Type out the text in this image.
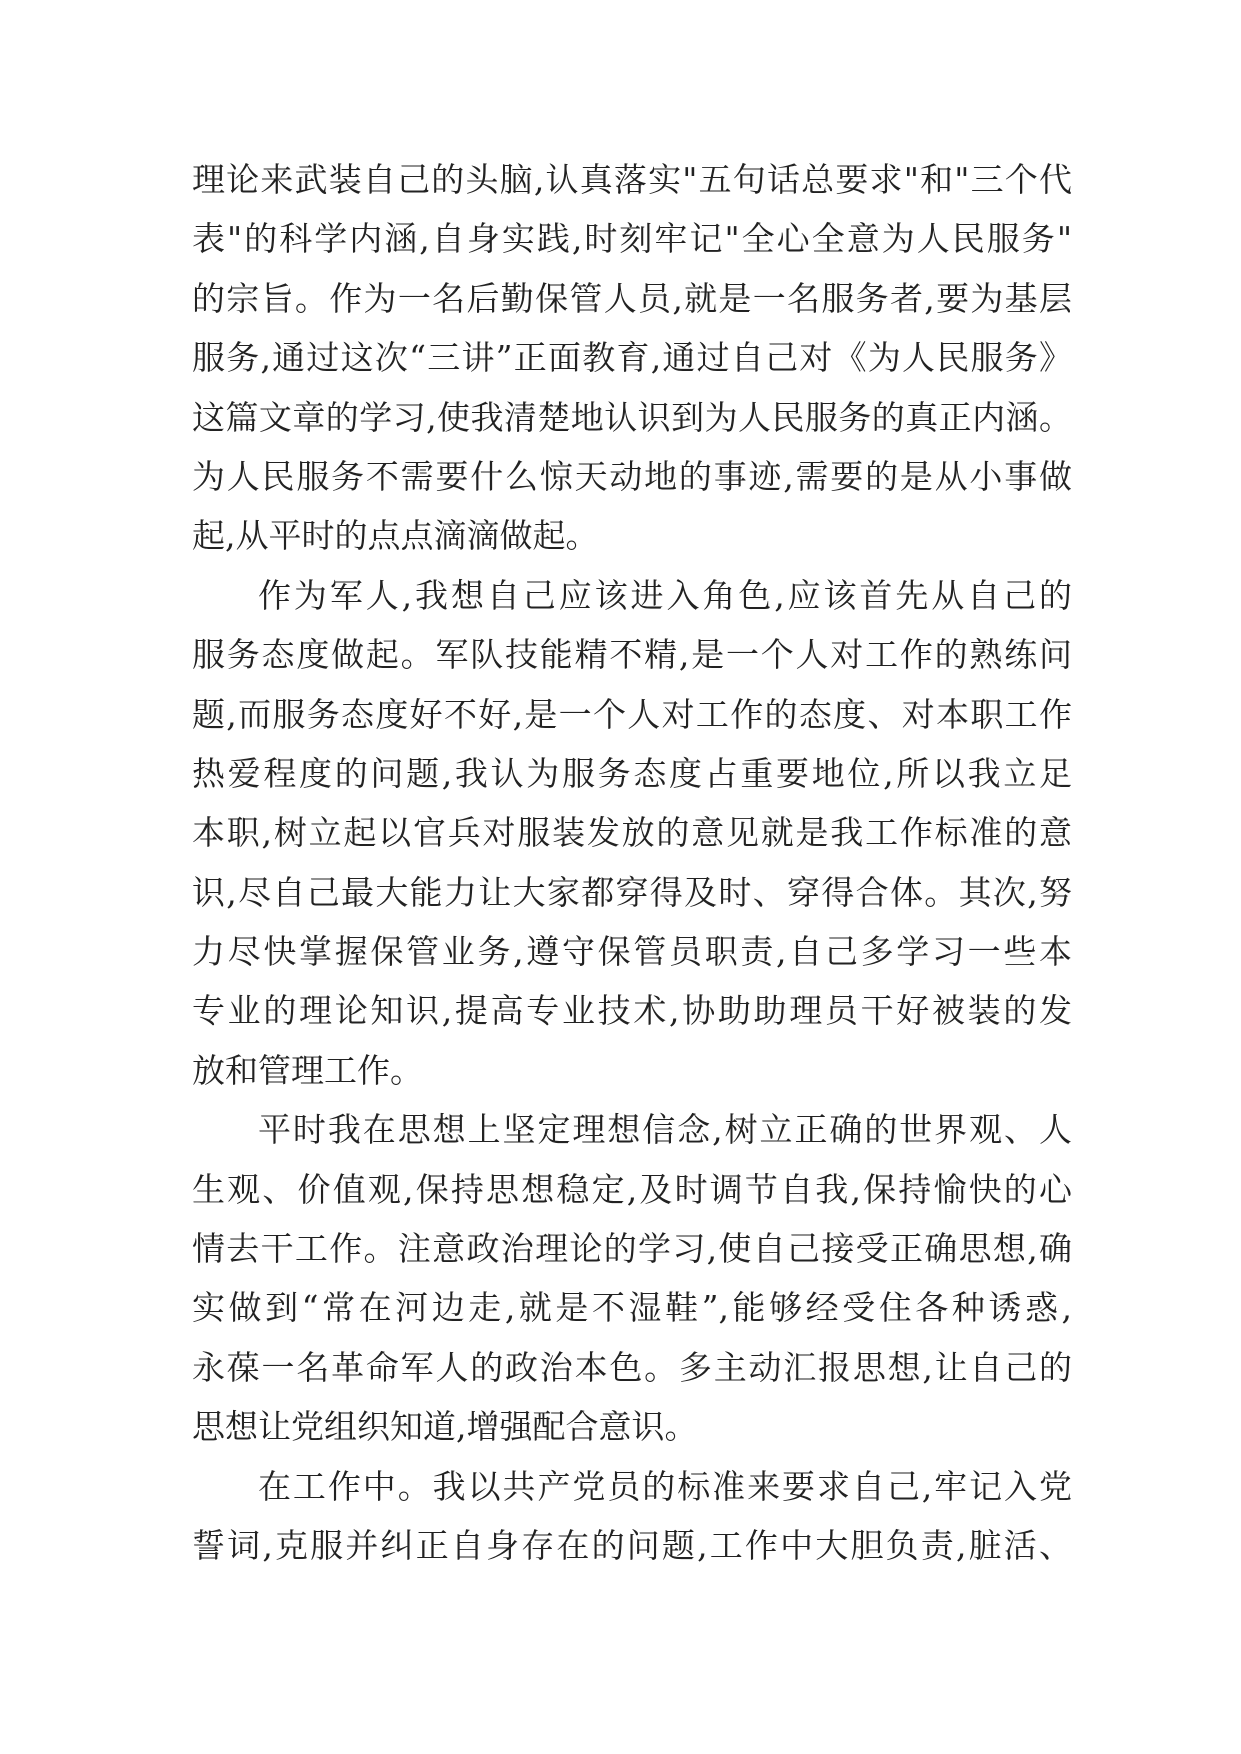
理论来武装自己的头脑,认真落实"五句话总要求"和"三个代
表"的科学内涵,自身实践,时刻牢记"全心全意为人民服务"
的宗旨。作为一名后勤保管人员,就是一名服务者,要为基层
服务,通过这次“三讲”正面教育,通过自己对《为人民服务》
这篇文章的学习,使我清楚地认识到为人民服务的真正内涵。
为人民服务不需要什么惊天动地的事迹,需要的是从小事做
起,从平时的点点滴滴做起。
作为军人,我想自己应该进入角色,应该首先从自己的
服务态度做起。军队技能精不精,是一个人对工作的熟练问
题,而服务态度好不好,是一个人对工作的态度、对本职工作
热爱程度的问题,我认为服务态度占重要地位,所以我立足
本职,树立起以官兵对服装发放的意见就是我工作标准的意
识,尽自己最大能力让大家都穿得及时、穿得合体。其次,努
力尽快掌握保管业务,遵守保管员职责,自己多学习一些本
专业的理论知识,提高专业技术,协助助理员干好被装的发
放和管理工作。
平时我在思想上坚定理想信念,树立正确的世界观、人
生观、价值观,保持思想稳定,及时调节自我,保持愉快的心
情去干工作。注意政治理论的学习,使自己接受正确思想,确
实做到“常在河边走,就是不湿鞋”,能够经受住各种诱惑,
永葆一名革命军人的政治本色。多主动汇报思想,让自己的
思想让党组织知道,增强配合意识。
在工作中。我以共产党员的标准来要求自己,牢记入党
誓词,克服并纠正自身存在的问题,工作中大胆负责,脏活、
